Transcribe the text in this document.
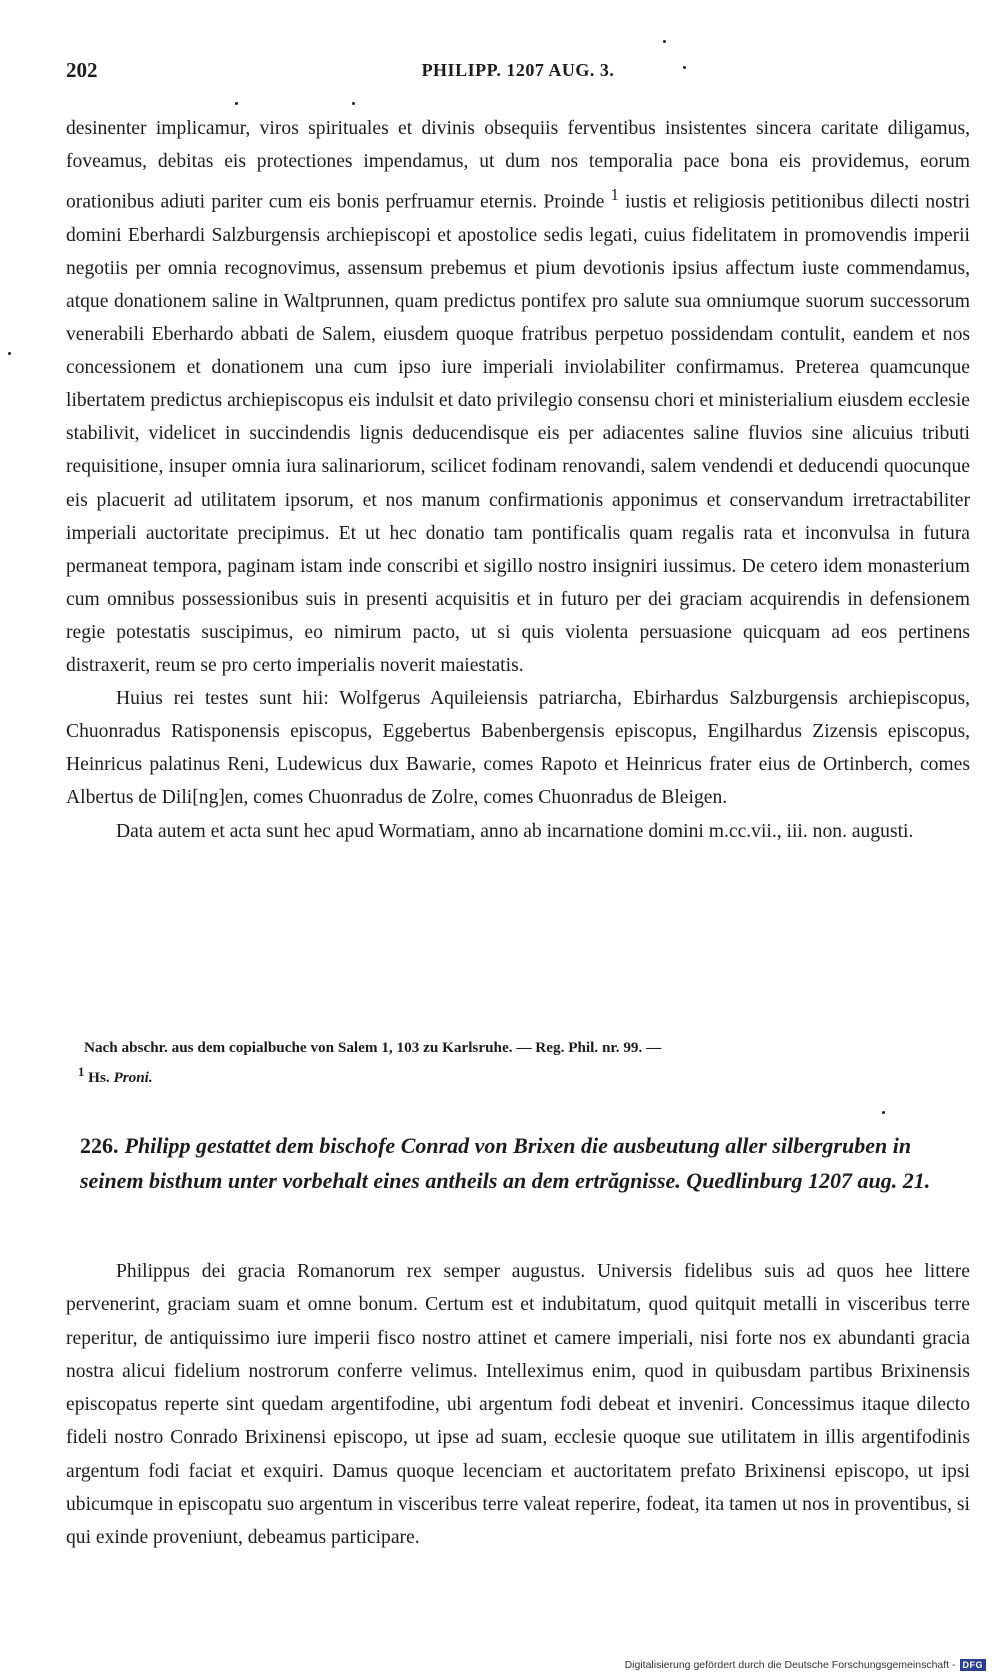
202	PHILIPP. 1207 AUG. 3.

desinenter implicamur, viros spirituales et divinis obsequiis ferventibus insistentes sincera caritate diligamus, foveamus, debitas eis protectiones impendamus, ut dum nos temporalia pace bona eis providemus, eorum orationibus adiuti pariter cum eis bonis perfruamur eternis. Proinde $^1$ iustis et religiosis petitionibus dilecti nostri domini Eberhardi Salzburgensis archiepiscopi et apostolice sedis legati, cuius fidelitatem in promovendis imperii negotiis per omnia recognovimus, assensum prebemus et pium devotionis ipsius affectum iuste commendamus, atque donationem saline in Waltprunnen, quam predictus pontifex pro salute sua omniumque suorum successorum venerabili Eberhardo abbati de Salem, eiusdem quoque fratribus perpetuo possidendam contulit, eandem et nos concessionem et donationem una cum ipso iure imperiali inviolabiliter confirmamus. Preterea quamcunque libertatem predictus archiepiscopus eis indulsit et dato privilegio consensu chori et ministerialium eiusdem ecclesie stabilivit, videlicet in succindendis lignis deducendisque eis per adiacentes saline fluvios sine alicuius tributi requisitione, insuper omnia iura salinariorum, scilicet fodinam renovandi, salem vendendi et deducendi quocunque eis placuerit ad utilitatem ipsorum, et nos manum confirmationis apponimus et conservandum irretractabiliter imperiali auctoritate precipimus. Et ut hec donatio tam pontificalis quam regalis rata et inconvulsa in futura permaneat tempora, paginam istam inde conscribi et sigillo nostro insigniri iussimus. De cetero idem monasterium cum omnibus possessionibus suis in presenti acquisitis et in futuro per dei graciam acquirendis in defensionem regie potestatis suscipimus, eo nimirum pacto, ut si quis violenta persuasione quicquam ad eos pertinens distraxerit, reum se pro certo imperialis noverit maiestatis.

Huius rei testes sunt hii: Wolfgerus Aquileiensis patriarcha, Ebirhardus Salzburgensis archiepiscopus, Chuonradus Ratisponensis episcopus, Eggebertus Babenbergensis episcopus, Engilhardus Zizensis episcopus, Heinricus palatinus Reni, Ludewicus dux Bawarie, comes Rapoto et Heinricus frater eius de Ortinberch, comes Albertus de Dili[ng]en, comes Chuonradus de Zolre, comes Chuonradus de Bleigen.

Data autem et acta sunt hec apud Wormatiam, anno ab incarnatione domini m.cc.vii., iii. non. augusti.

Nach abschr. aus dem copialbuche von Salem 1, 103 zu Karlsruhe. — Reg. Phil. nr. 99. —

$^1$ Hs. Proni.

226. Philipp gestattet dem bischofe Conrad von Brixen die ausbeutung aller silbergruben in seinem bisthum unter vorbehalt eines antheils an dem ertrăgnisse. Quedlinburg 1207 aug. 21.

Philippus dei gracia Romanorum rex semper augustus. Universis fidelibus suis ad quos hee littere pervenerint, graciam suam et omne bonum. Certum est et indubitatum, quod quitquit metalli in visceribus terre reperitur, de antiquissimo iure imperii fisco nostro attinet et camere imperiali, nisi forte nos ex abundanti gracia nostra alicui fidelium nostrorum conferre velimus. Intelleximus enim, quod in quibusdam partibus Brixinensis episcopatus reperte sint quedam argentifodine, ubi argentum fodi debeat et inveniri. Concessimus itaque dilecto fideli nostro Conrado Brixinensi episcopo, ut ipse ad suam, ecclesie quoque sue utilitatem in illis argentifodinis argentum fodi faciat et exquiri. Damus quoque lecenciam et auctoritatem prefato Brixinensi episcopo, ut ipsi ubicumque in episcopatu suo argentum in visceribus terre valeat reperire, fodeat, ita tamen ut nos in proventibus, si qui exinde proveniunt, debeamus participare.

Digitalisierung gefördert durch die Deutsche Forschungsgemeinschaft - DFG
